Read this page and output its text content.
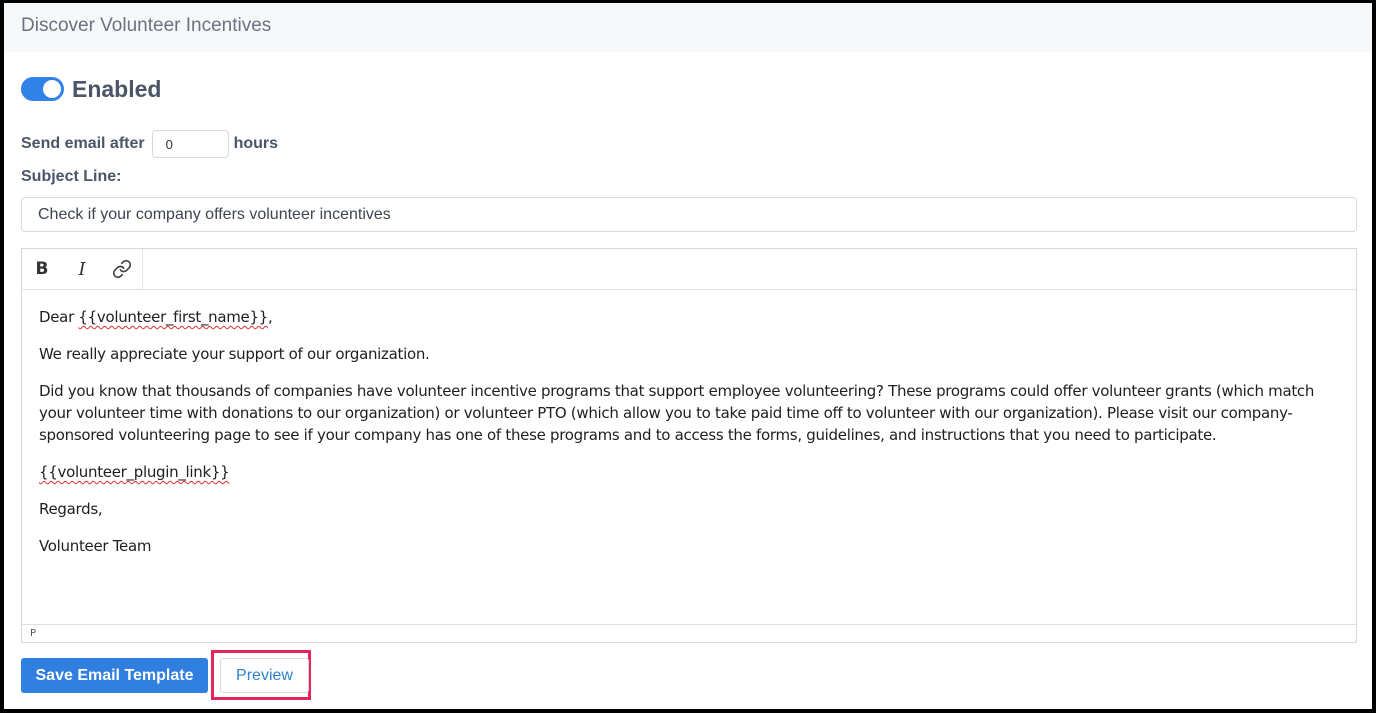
Discover Volunteer Incentives
Enabled
Send email after
0	hours
Subject Line:
Check if your company offers volunteer incentives
B	I

Dear {{volunteer_first_name}},

We really appreciate your support of our organization.

Did you know that thousands of companies have volunteer incentive programs that support employee volunteering? These programs could offer volunteer grants (which match your volunteer time with donations to our organization) or volunteer PTO (which allow you to take paid time off to volunteer with our organization). Please visit our company-sponsored volunteering page to see if your company has one of these programs and to access the forms, guidelines, and instructions that you need to participate.

{{volunteer_plugin_link}}

Regards,

Volunteer Team

P
Save Email Template	Preview
